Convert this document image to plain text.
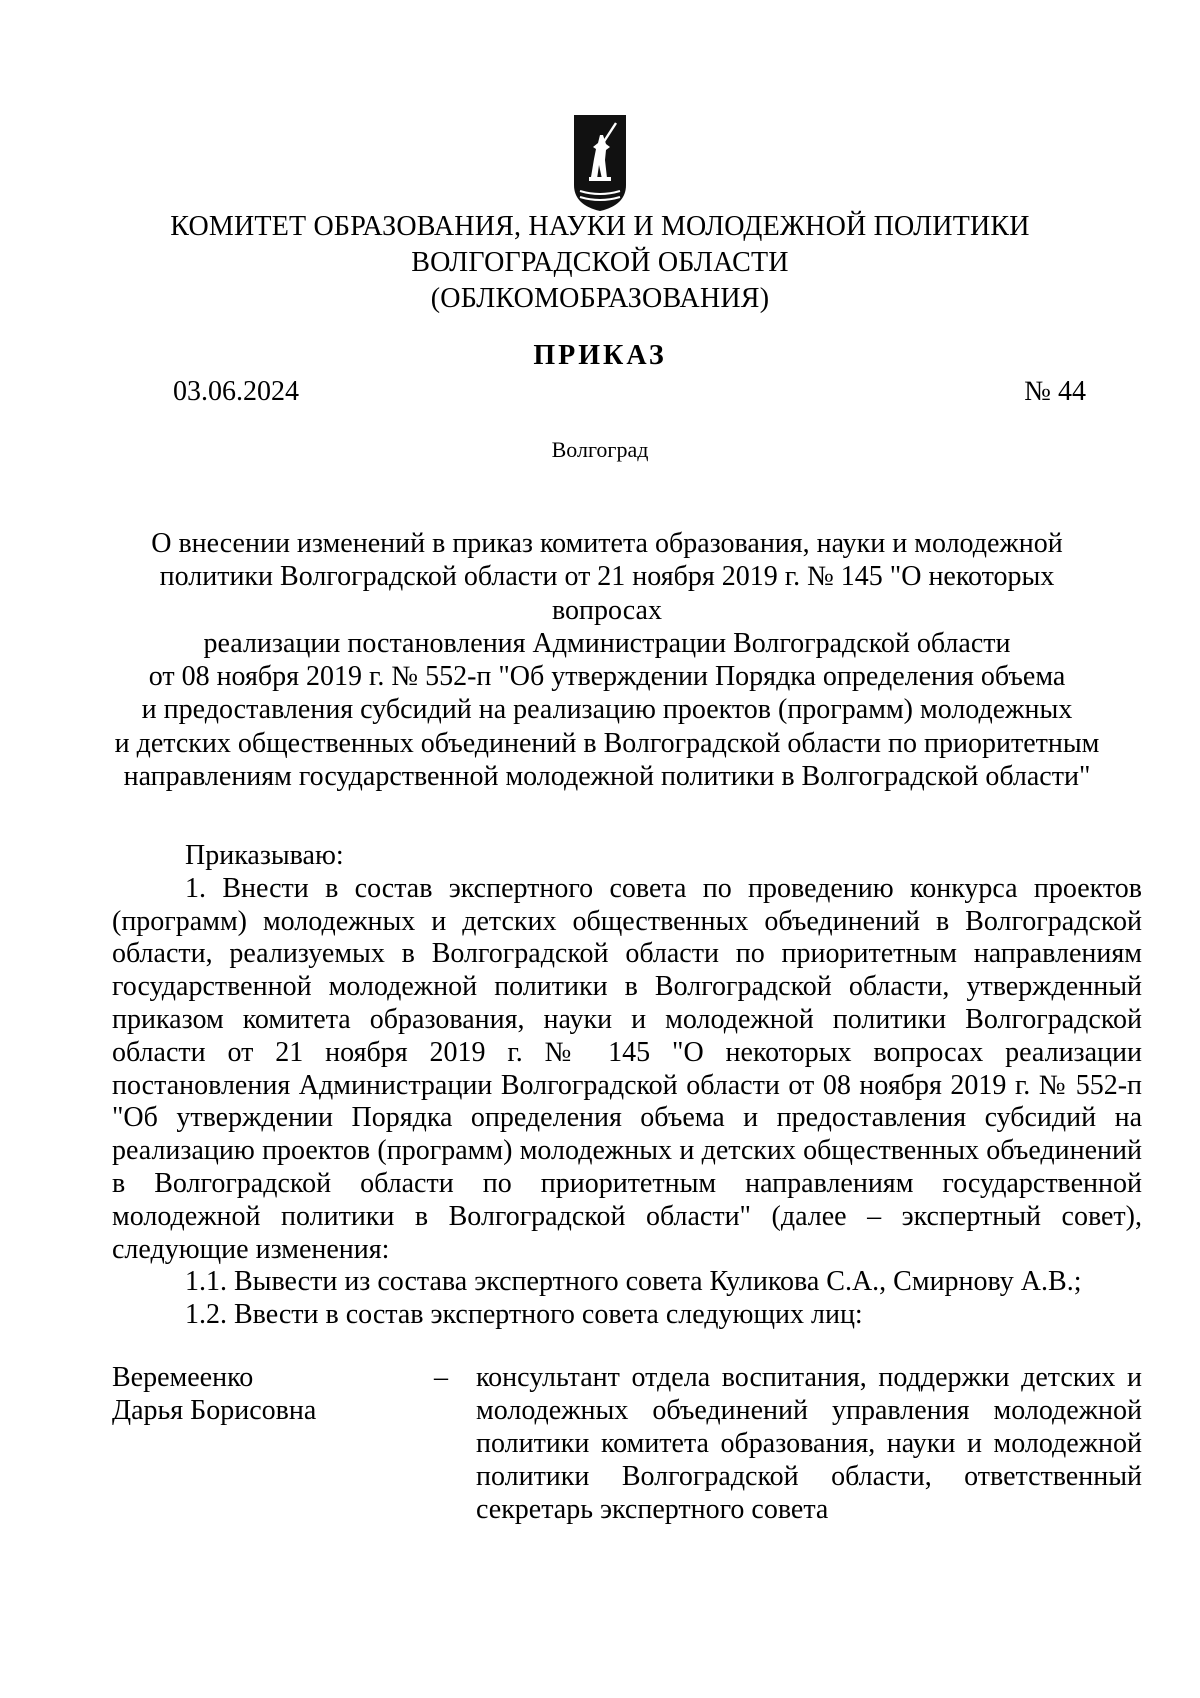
КОМИТЕТ ОБРАЗОВАНИЯ, НАУКИ И МОЛОДЕЖНОЙ ПОЛИТИКИ
ВОЛГОГРАДСКОЙ ОБЛАСТИ
(ОБЛКОМОБРАЗОВАНИЯ)
ПРИКАЗ
03.06.2024	№ 44
Волгоград
О внесении изменений в приказ комитета образования, науки и молодежной
политики Волгоградской области от 21 ноября 2019 г. № 145 "О некоторых вопросах
реализации постановления Администрации Волгоградской области
от 08 ноября 2019 г. № 552-п "Об утверждении Порядка определения объема
и предоставления субсидий на реализацию проектов (программ) молодежных
и детских общественных объединений в Волгоградской области по приоритетным
направлениям государственной молодежной политики в Волгоградской области"

Приказываю:

1. Внести в состав экспертного совета по проведению конкурса проектов (программ) молодежных и детских общественных объединений в Волгоградской области, реализуемых в Волгоградской области по приоритетным направлениям государственной молодежной политики в Волгоградской области, утвержденный приказом комитета образования, науки и молодежной политики Волгоградской области от 21 ноября 2019 г. № 145 "О некоторых вопросах реализации постановления Администрации Волгоградской области от 08 ноября 2019 г. № 552-п "Об утверждении Порядка определения объема и предоставления субсидий на реализацию проектов (программ) молодежных и детских общественных объединений в Волгоградской области по приоритетным направлениям государственной молодежной политики в Волгоградской области" (далее – экспертный совет), следующие изменения:

1.1. Вывести из состава экспертного совета Куликова С.А., Смирнову А.В.;

1.2. Ввести в состав экспертного совета следующих лиц:

Веремеенко
Дарья Борисовна
– консультант отдела воспитания, поддержки детских и молодежных объединений управления молодежной политики комитета образования, науки и молодежной политики Волгоградской области, ответственный секретарь экспертного совета
